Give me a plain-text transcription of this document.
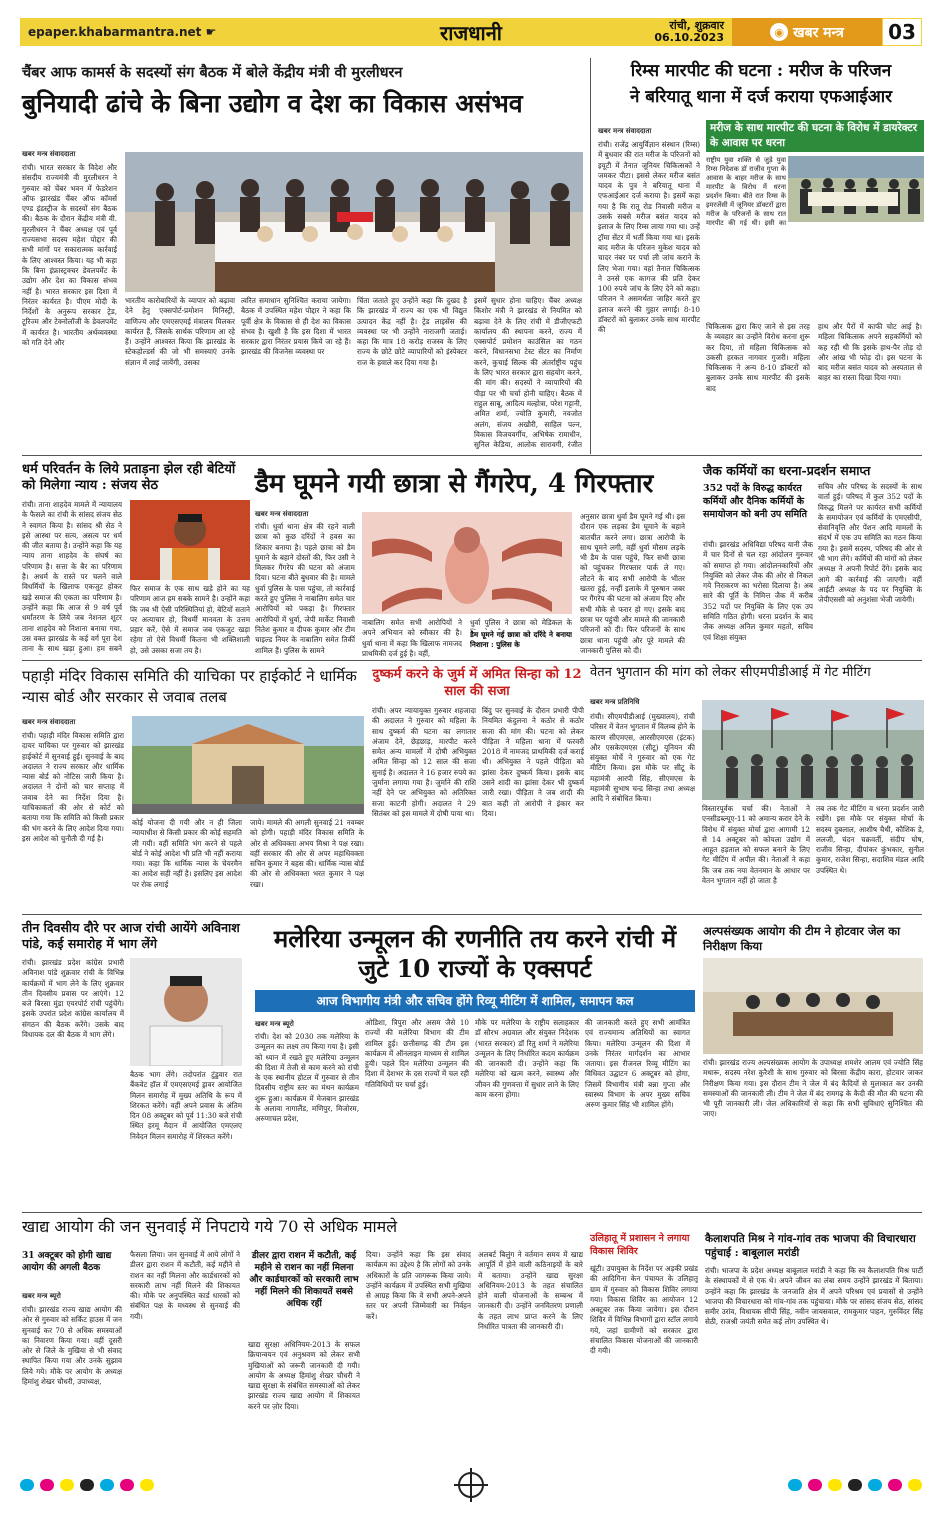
epaper.khabarmantra.net ☛	राजधानी	रांची, शुक्रवार
06.10.2023	◉ खबर मन्त्र 03
चैंबर आफ कामर्स के सदस्यों संग बैठक में बोले केंद्रीय मंत्री वी मुरलीधरन
बुनियादी ढांचे के बिना उद्योग व देश का विकास असंभव
खबर मन्त्र संवाददाता
रांची। भारत सरकार के विदेश और संसदीय राज्यमंत्री वी मुरलीधरन ने गुरुवार को चेंबर भवन में फेडरेशन ऑफ झारखंड चैंबर ऑफ कॉमर्स एण्ड इंडस्ट्रीज के सदस्यों संग बैठक की। बैठक के दौरान केंद्रीय मंत्री वी. मुरलीधरन ने चैंबर अध्यक्ष एवं पूर्व राज्यसभा सदस्य महेश पोद्दार की सभी मांगों पर सकारात्मक कार्रवाई के लिए आश्वस्त किया। यह भी कहा कि बिना इंफ्रास्ट्रक्चर डेवलपमेंट के उद्योग और देश का विकास संभव नहीं है। भारत सरकार इस दिशा में निरंतर कार्यरत है। पीएम मोदी के निर्देशों के अनुरूप सरकार ट्रेड, टूरिज्म और टेक्नोलॉजी के डेवलपमेंट में कार्यरत है। भारतीय अर्थव्यवस्था को गति देने और
भारतीय कारोबारियों के व्यापार को बढ़ावा देने हेतु एक्सपोर्ट-प्रमोशन मिनिस्ट्री, वाणिज्य और एमएसएमई मंत्रालय मिलकर कार्यरत हैं, जिसके सार्थक परिणाम आ रहे हैं। उन्होंने आश्वस्त किया कि झारखंड के स्टेकहोल्डर्स की जो भी समस्याएं उनके संज्ञान में लाई जायेंगी, उसका
त्वरित समाधान सुनिश्चित कराया जायेगा। बैठक में उपस्थित महेश पोद्दार ने कहा कि पूर्वी क्षेत्र के विकास से ही देश का विकास संभव है। खुशी है कि इस दिशा में भारत सरकार द्वारा निरंतर प्रयास किये जा रहे हैं। झारखंड की विजनेस व्यवस्था पर
चिंता जताते हुए उन्होंने कहा कि दुखद है कि झारखंड में राज्य का एक भी विद्युत उत्पादन केंद्र नहीं है। ट्रेड लाइसेंस की व्यवस्था पर भी उन्होंने नाराजगी जताई। कहा कि मात्र 18 करोड़ राजस्व के लिए राज्य के छोटे छोटे व्यापारियों को इंस्पेक्टर राज के हवाले कर दिया गया है।
इसमें सुधार होना चाहिए। चैंबर अध्यक्ष किशोर मंत्री ने झारखंड से नियमित को बढ़ावा देने के लिए रांची में डीजीएफटी कार्यालय की स्थापना करने, राज्य में एक्सपोर्ट प्रमोशन काउंसिल का गठन करने, विधानसभा टेस्ट सेंटर का निर्माण करने, कुचाई सिल्क की अंतर्राष्ट्रीय पहुंच के लिए भारत सरकार द्वारा सहयोग करने, की मांग की। सदस्यों ने व्यापारियों की पीड़ा पर भी चर्चा होनी चाहिए। बैठक में राहुल साबू, आदित्य मल्होत्रा, परेश गट्टानी, अमित शर्मा, ज्योति कुमारी, नवजोत अलंग, संजय अखौरी, साहिल पल्न, विकास विजयवर्गीय, अभिषेक रामाधीन, सुनिल केडिया, आलोक सारावगी, रंजीत
रिम्स मारपीट की घटना : मरीज के परिजन
ने बरियातू थाना में दर्ज कराया एफआईआर
खबर मन्त्र संवाददाता
रांची। राजेंद्र आयुर्विज्ञान संस्थान (रिम्स) में बुधवार की रात मरीज के परिजनों को इयूटी में तैनात जूनियर चिकित्सकों ने जमकर पीटा। इससे लेकर मरीज बसंत यादव के पुत्र ने बरियातू थाना में एफआईआर दर्ज कराया है। इसमें कहा गया है कि रातू रोड निवासी मरीज व उसके सबसे मरीज बसंत यादव को इलाज के लिए रिम्स लाया गया था। उन्हें ट्रॉमा सेंटर में भर्ती किया गया था। इसके बाद मरीज के परिजन मुकेश यादव को चादर नंबर पर पर्चा ली जांच कराने के लिए भेजा गया। वहां तैनात चिकित्सक ने उनसे एक कागज की प्रति देकर 100 रुपये जांच के लिए देने को कहा। परिजन ने असमर्थता जाहिर करते हुए इलाज करने की गुहार लगाई। 8-10 डॉक्टरों को बुलाकर उनके साथ मारपीट की
मरीज के साथ मारपीट की घटना के विरोध में डायरेक्टर के आवास पर धरना
राष्ट्रीय युवा शक्ति से जुड़े युवा रिम्स निदेशक डॉ राजीव गुप्ता के आवास के बाहर मरीज के साथ मारपीट के विरोध में धरना प्रदर्शन किया। बीते रात रिम्स के इमरजेंसी में जूनियर डॉक्टरों द्वारा मरीज के परिजनों के साथ रात मारपीट की गई थी। इसी का
चिकित्सक द्वारा किए जाने से इस तरह के व्यवहार का उन्होंने विरोध करना शुरू कर दिया, तो महिला चिकित्सक को उकसी हरकत नागवार गुजरी। महिला चिकित्सक ने अन्य 8-10 डॉक्टरों को बुलाकर उनके साथ मारपीट की इसके बाद
हाथ और पैरों में काफी चोट आई है। महिला चिकित्सक अपने सहकर्मियों को कह रही थी कि इसके हाथ-पैर तोड़ दो और आंख भी फोड़ दो। इस घटना के बाद मरीज बसंत यादव को अस्पताल से बाहर का रास्ता दिखा दिया गया।
धर्म परिवर्तन के लिये प्रताड़ना झेल रही बेटियों को मिलेगा न्याय : संजय सेठ
रांची। ताना शाहदेव मामले में न्यायालय के फैसले का रांची के सांसद संजय सेठ ने स्वागत किया है। सांसद श्री सेठ ने इसे आस्था पर सत्य, असत्य पर धर्म की जीत बताया है। उन्होंने कहा कि यह न्याय ताना शाहदेव के संघर्ष का परिणाम है। सत्ता के बैर का परिणाम है। अधर्म के रास्ते पर चलने वाले विधर्मियों के खिलाफ एकजुट होकर खड़े समाज की एकता का परिणाम है। उन्होंने कहा कि आज से 9 वर्ष पूर्व धर्मांतरण के लिये जब नेशनल शूटर ताना शाहदेव को निशाना बनाया गया, उस वक्त झारखंड के कई वर्ग पूरा देश ताना के साथ खड़ा हुआ। हम सबने
फिर समाज के एक साथ खड़े होने का यह परिणाम आज हम सबके सामने है। उन्होंने कहा कि जब भी ऐसी परिस्थितियां हो, बेटियों सताने पर अत्याचार हो, विधर्मी मानवता के उत्तम प्रहार करें, ऐसे में समाज जब एकजुट खड़ा रहेगा तो ऐसे विधर्मी कितना भी शक्तिशाली हो, उसे उसका सजा तय है।
डैम घूमने गयी छात्रा से गैंगरेप, 4 गिरफ्तार
खबर मन्त्र संवाददाता
रांची। धुर्वा थाना क्षेत्र की रहने वाली छात्रा को कुछ दरिंदों ने हवस का शिकार बनाया है। पहले छात्रा को डैम घुमाने के बहाने दोस्तों की, फिर उसी ने मिलकर गैंगरेप की घटना को अंजाम दिया। घटना बीते बुधवार की है। मामले धुर्वा पुलिस के पास पहुंचा, तो कार्रवाई करते हुए पुलिस ने नाबालिग समेत चार आरोपियों को पकड़ा है। गिरफ्तार आरोपियों में धुर्वा, जेपी मार्केट निवासी नितेश कुमार व दीपक कुमार और टीम चाइल्ड नियर के नाबालिग समेत तिर्की शामिल हैं। पुलिस के सामने
नाबालिग समेत सभी आरोपियों ने अपने अभियान को स्वीकार की है। धुर्वा थाना में कहा कि खिलाफ नामजद प्राथमिकी दर्ज हुई है। वहीं,
धुर्वा पुलिस ने छात्रा को मेडिकल के
डैम घूमने गई छात्रा को दरिंदे ने बनाया निशाना : पुलिस के
अनुसार छात्रा धुर्वा डैम घूमने गई थी। इस दौरान एक लड़का डैम घूमाने के बहाने बातचीत करने लगा। छात्रा आरोपी के साथ घूमने लगी, वहीं धुर्वा मौसम लड़के भी डैम के पास पहुंचे, फिर सभी छात्रा को पहुंचकर गिरफ्तार पार्क ले गए। लौटने के बाद सभी आरोपी के भीतर खतरा हुई, नन्हीं इलाके में पूरुषान जबर पर गैंगरेप की घटना को अंजाम दिए और सभी मौके से फरार हो गए। इसके बाद छात्रा घर पहुंची और मामले की जानकारी परिजनों को दी। फिर परिजनों के साथ छात्रा थाना पहुंची और पूरे मामले की जानकारी पुलिस को दी।
जैक कर्मियों का धरना-प्रदर्शन समाप्त
352 पदों के विरुद्ध कार्यरत कर्मियों और दैनिक कर्मियों के समायोजन को बनी उप समिति
रांची। झारखंड अधिविद्या परिषद यानी जैक में चार दिनों से चल रहा आंदोलन गुरुवार को समाप्त हो गया। आंदोलनकारियों और नियुक्ति को लेकर जैक की ओर से निकल गये निराकरण का भरोसा दिलाया है। अब सारे की पूर्ति के निमित्त जैक में करीब 352 पदों पर नियुक्ति के लिए एक उप समिति गठित होगी। धरना प्रदर्शन के बाद जैक अध्यक्ष अनिल कुमार महतो, सचिव एवं शिक्षा संयुक्त
सचिव और परिषद के सदस्यों के साथ वार्ता हुई। परिषद में कुल 352 पदों के विरुद्ध मिलने पर कार्यरत सभी कर्मियों के समायोजन एवं कर्मियों के एमएसीपी, सेवानिवृत्ति और पेंशन आदि मामलों के संदर्भ में एक उप समिति का गठन किया गया है। इसमें सदस्य, परिषद की ओर से भी भाग लेंगे। कर्मियों की मांगों को लेकर अध्यक्ष ने अपनी रिपोर्ट देंगे। इसके बाद आगे की कार्रवाई की जाएगी। वहीं आईटी अध्यक्ष के पद पर नियुक्ति के जेपीएससी को अनुशंसा भेजी जायेगी।
पहाड़ी मंदिर विकास समिति की याचिका पर हाईकोर्ट ने धार्मिक न्यास बोर्ड और सरकार से जवाब तलब
खबर मन्त्र संवाददाता
रांची। पहाड़ी मंदिर विकास समिति द्वारा दायर याचिका पर गुरुवार को झारखंड हाईकोर्ट में सुनवाई हुई। सुनवाई के बाद अदालत ने राज्य सरकार और धार्मिक न्यास बोर्ड को नोटिस जारी किया है। अदालत ने दोनों को चार सप्ताह में जवाब देने का निर्देश दिया है। याचिकाकर्ता की ओर से कोर्ट को बताया गया कि समिति को किसी प्रकार की भंग करने के लिए आदेश दिया गया। इस आदेश को चुनौती दी गई है।
कोई योजना दी गयी और न ही जिला न्यायाधीश से किसी प्रकार की कोई सहमति ली गयी। वहीं समिति भंग करने से पहले बोर्ड ने कोई आदेश भी प्रति भी नहीं कराया गया। कहा कि धार्मिक न्यास के चेयरमैन का आदेश सही नहीं है। इसलिए इस आदेश पर रोक लगाई
जाये। मामले की अगली सुनवाई 21 नवम्बर को होगी। पहाड़ी मंदिर विकास समिति के ओर से अधिवक्ता अभय मिश्रा ने पक्ष रखा। वहीं सरकार की ओर से अपर महाधिवक्ता सचिन कुमार ने बहस की। धार्मिक न्यास बोर्ड की ओर से अधिवक्ता भरत कुमार ने पक्ष रखा।
दुष्कर्म करने के जुर्म में अमित सिन्हा को 12 साल की सजा
रांची। अपर न्यायायुक्त गुरुवार शहजादा की अदालत ने गुरुवार को महिला के साथ दुष्कर्म की घटना का लगातार अंजाम देने, छेड़छाड़, मारपीट करने समेत अन्य मामलों में दोषी अभियुक्त अमित सिन्हा को 12 साल की सजा सुनाई है। अदालत ने 16 हजार रुपये का जुर्माना लगाया गया है। जुर्माने की राशि नहीं देने पर अभियुक्त को अतिरिक्त सजा काटनी होगी। अदालत ने 29 सितंबर को इस मामले में दोषी पाया था।
बिंदु पर सुनवाई के दौरान प्रभारी पीपी नियमित कंदुलना ने कठोर से कठोर सजा की मांग की। घटना को लेकर पीड़िता ने महिला थाना में फरवरी 2018 में नामजद प्राथमिकी दर्ज कराई थी। अभियुक्त ने पहले पीड़िता को झांसा देकर दुष्कर्म किया। इसके बाद उसने शादी का झांसा देकर भी दुष्कर्म जारी रखा। पीड़िता ने जब शादी की बात कही तो आरोपी ने इंकार कर दिया।
वेतन भुगतान की मांग को लेकर सीएमपीडीआई में गेट मीटिंग
खबर मन्त्र प्रतिनिधि
रांची। सीएमपीडीआई (मुख्यालय), रांची परिसर में वेतन भुगतान में विलम्ब होने के कारण सीएमएस, आरसीएमएस (इंटक) और एसकेएमएस (सीटू) यूनियन की संयुक्त मोर्चे ने गुरुवार को एक गेट मीटिंग किया। इस मौके पर सीटू के महामंत्री आरपी सिंह, सीएमएस के महामंत्री सुभाष चन्द्र सिन्हा तथा अध्यक्ष आदि ने संबोधित किया।
विस्तारपूर्वक चर्चा की। नेताओं ने एनसीडब्ल्यूए-11 को अमान्य करार देने के विरोध में संयुक्त मोर्चा द्वारा आगामी 12 से 14 अक्टूबर को कोयला उद्योग में आहूत हड़ताल को सफल बनाने के लिए गेट मीटिंग में अपील की। नेताओं ने कहा कि जब तक नया वेतनमान के आधार पर वेतन भुगतान नहीं हो जाता है
तब तक गेट मीटिंग व धरना प्रदर्शन जारी रखेंगे। इस मौके पर संयुक्त मोर्चा के सदस्य दुबलाल, आशीष चैथी, कौशिक डे, ललजी, चंदन चक्रवर्ती, संदीप घोष, राजीव सिन्हा, दीपांकर कुंभकार, सुनील कुमार, राजेश सिन्हा, सदाशिव मंडल आदि उपस्थित थे।
तीन दिवसीय दौरे पर आज रांची आयेंगे अविनाश पांडे, कई समारोह में भाग लेंगे
रांची। झारखंड प्रदेश कांग्रेस प्रभारी अविनाश पांडे शुक्रवार रांची के विभिन्न कार्यक्रमों में भाग लेने के लिए शुक्रवार तीन दिवसीय प्रवास पर आएंगे। 12 बजे बिरसा मुंडा एयरपोर्ट रांची पहुंचेंगे। इसके उपरांत प्रदेश कांग्रेस कार्यालय में संगठन की बैठक करेंगे। उसके बाद विधायक दल की बैठक में भाग लेंगे।
बैठक भाग लेंगे। तदोपरांत टुंडुवार रात बैंकवेट हॉल में एमएसएमई ड्रावर आयोजित मिलन समारोह में मुख्य अतिथि के रूप में शिरकत करेंगे। वहीं अपने प्रवास के अंतिम दिन 08 अक्टूबर को पूर्व 11:30 बजे रांची स्थित हरमू मैदान में आयोजित एमएलए निवेदन मिलन समारोह में शिरकत करेंगे।
मलेरिया उन्मूलन की रणनीति तय करने रांची में जुटे 10 राज्यों के एक्सपर्ट
आज विभागीय मंत्री और सचिव होंगे रिव्यू मीटिंग में शामिल, समापन कल
खबर मन्त्र ब्यूरो
रांची। देश को 2030 तक मलेरिया के उन्मूलन का लक्ष्य तय किया गया है। इसी को ध्यान में रखते हुए मलेरिया उन्मूलन की दिशा में तेजी से काम करने को रांची के एक स्थानीय होटल में गुरुवार से तीन दिवसीय राष्ट्रीय स्तर का मंथन कार्यक्रम शुरू हुआ। कार्यक्रम में मेजबान झारखंड के अलावा नागालैंड, मणिपुर, मिजोरम, अरुणाचल प्रदेश,
ओडिशा, त्रिपुरा और असम जैसे 10 राज्यों की मलेरिया विभाग की टीम शामिल हुई। छत्तीसगढ़ की टीम इस कार्यक्रम में ऑनलाइन माध्यम से शामिल हुयी। पहले दिन मलेरिया उन्मूलन की दिशा में देशभर के दस राज्यों में चल रही गतिविधियों पर चर्चा हुई।
मौके पर मलेरिया के राष्ट्रीय सलाहकार डॉ सौरभ अग्रवाल और संयुक्त निदेशक (भारत सरकार) डॉ रितु शर्मा ने मलेरिया उन्मूलन के लिए निर्धारित कदम कार्यक्रम की जानकारी दी। उन्होंने कहा कि मलेरिया को खत्म करने, स्वास्थ्य और जीवन की गुणवत्ता में सुधार लाने के लिए काम करना होगा।
की जानकारी करते हुए सभी आमंत्रित एवं राज्यमान्य अतिथियों का स्वागत किया। मलेरिया उन्मूलन की दिशा में उनके निरंतर मार्गदर्शन का आभार जताया। इस रीजनल रिव्यू मीटिंग का विधिवत उद्घाटन 6 अक्टूबर को होगा, जिसमें विभागीय मंत्री बन्ना गुप्ता और स्वास्थ्य विभाग के अपर मुख्य सचिव अरुण कुमार सिंह भी शामिल होंगे।
अल्पसंख्यक आयोग की टीम ने होटवार जेल का निरीक्षण किया
रांची। झारखंड राज्य अल्पसंख्यक आयोग के उपाध्यक्ष शमशेर आलम एवं ज्योति सिंह मथारू, सदस्य नरेश कुरैशी के साथ गुरुवार को बिरसा केंद्रीय कारा, होटवार जाकर निरीक्षण किया गया। इस दौरान टीम ने जेल में बंद कैदियों से मुलाकात कर उनकी समस्याओं की जानकारी ली। टीम ने जेल में बंद रामगढ़ के कैदी की मौत की घटना की भी पूरी जानकारी ली। जेल अधिकारियों से कहा कि सभी सुविधाएं सुनिश्चित की जाए।
खाद्य आयोग की जन सुनवाई में निपटाये गये 70 से अधिक मामले
31 अक्टूबर को होगी खाद्य आयोग की अगली बैठक
खबर मन्त्र ब्यूरो
रांची। झारखंड राज्य खाद्य आयोग की ओर से गुरुवार को सर्किट हाउस में जन सुनवाई कर 70 से अधिक समस्याओं का निवारण किया गया। वहीं दूसरी ओर से जिले के मुखिया से भी संवाद स्थापित किया गया और उनके सुझाव लिये गये। मौके पर आयोग के अध्यक्ष हिमांशु शेखर चौधरी, उपाध्यक्ष,
फैसला लिया। जन सुनवाई में आये लोगों ने डीलर द्वारा राशन में कटौती, कई महीने से राशन का नहीं मिलना और कार्डधारकों को सरकारी लाभ नहीं मिलने की शिकायत की। मौके पर अनुपस्थित कार्ड धारकों को संबंधित पक्ष के मध्यस्थ से सुनवाई की गयी।
डीलर द्वारा राशन में कटौती, कई महीने से राशन का नहीं मिलना और कार्डधारकों को सरकारी लाभ नहीं मिलने की शिकायतें सबसे अधिक रहीं
खाद्य सुरक्षा अधिनियम-2013 के सफल क्रियान्वयन एवं अनुश्रवण को लेकर सभी मुखियाओं को जरूरी जानकारी दी गयी। आयोग के अध्यक्ष हिमांशु शेखर चौधरी ने खाद्य सुरक्षा के संबंधित समस्याओं को लेकर झारखंड राज्य खाद्य आयोग में शिकायत करने पर ज़ोर दिया।
दिया। उन्होंने कहा कि इस संवाद कार्यक्रम का उद्देश्य है कि लोगों को उनके अधिकारों के प्रति जागरूक किया जाये। उन्होंने कार्यक्रम में उपस्थित सभी मुखिया से आग्रह किया कि वे सभी अपने-अपने स्तर पर अपनी जिम्मेवारी का निर्वहन करें।
अलबर्ट बिलुंग ने वर्तमान समय में खाद्य आपूर्ति में होने वाली कठिनाइयों के बारे में बताया। उन्होंने खाद्य सुरक्षा अधिनियम-2013 के तहत संचालित होने वाली योजनाओं के सम्बन्ध में जानकारी दी। उन्होंने जनवितरण प्रणाली के तहत लाभ प्राप्त करने के लिए निर्धारित पात्रता की जानकारी दी।
उलिहातू में प्रशासन ने लगाया विकास शिविर
खूंटी। उपायुक्त के निर्देश पर अड़की प्रखंड की आदिगिना केन पंचायत के उलिहातू ग्राम में गुरुवार को विकास शिविर लगाया गया। विकास शिविर का आयोजन 12 अक्टूबर तक किया जायेगा। इस दौरान शिविर में विभिन्न विभागों द्वारा स्टॉल लगाये गये, जहां ग्रामीणों को सरकार द्वारा संचालित विकास योजनाओं की जानकारी दी गयी।
कैलाशपति मिश्र ने गांव-गांव तक भाजपा की विचारधारा पहुंचाई : बाबूलाल मरांडी
रांची। भाजपा के प्रदेश अध्यक्ष बाबूलाल मरांडी ने कहा कि स्व कैलाशपति मिश्र पार्टी के संस्थापकों में से एक थे। अपने जीवन का लंबा समय उन्होंने झारखंड में बिताया। उन्होंने कहा कि झारखंड के जनजाति क्षेत्र में अपने परिश्रम एवं प्रयासों से उन्होंने भाजपा की विचारधारा को गांव-गांव तक पहुंचाया। मौके पर सांसद संजय सेठ, सांसद समीर उरांव, विधायक सीपी सिंह, नवीन जायसवाल, रामकुमार पाहन, गुरुविंदर सिंह सेठी, राजश्री जयंती समेत कई लोग उपस्थित थे।
